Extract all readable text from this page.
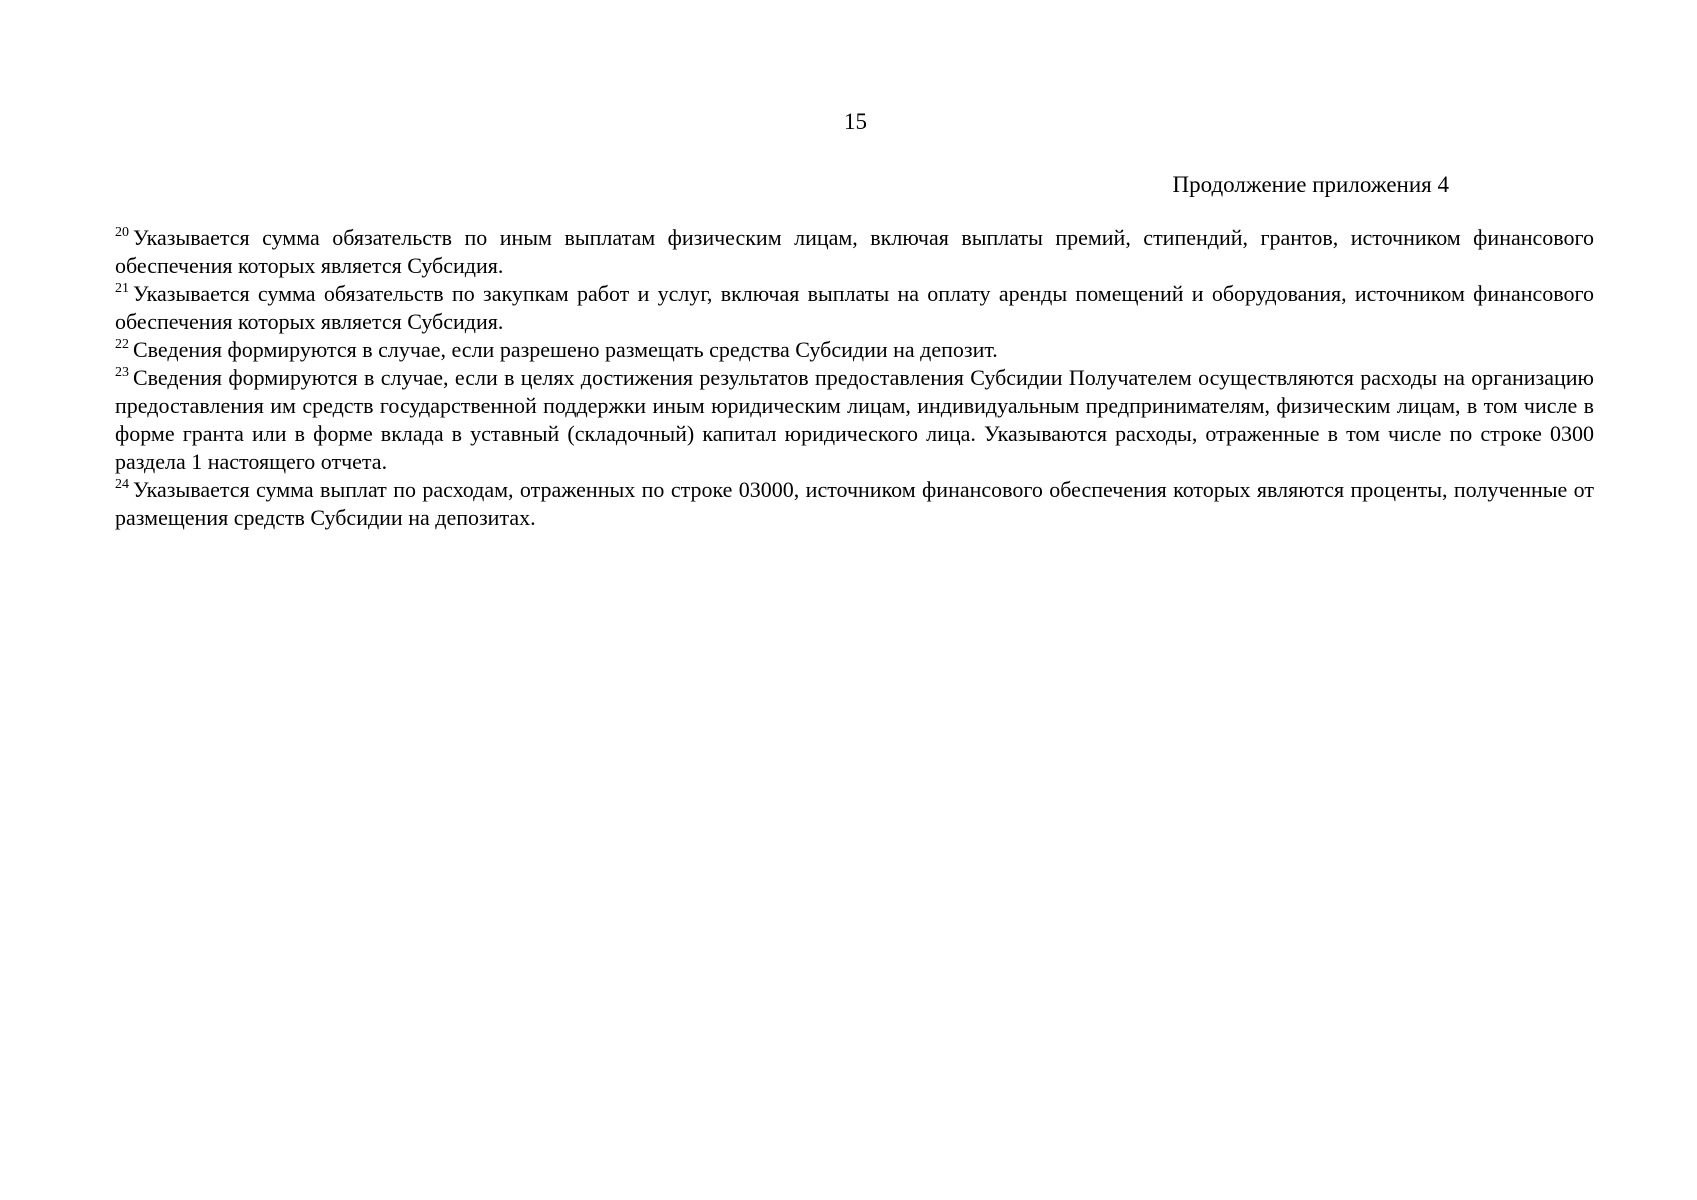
15
Продолжение приложения 4

$^{20}$ Указывается сумма обязательств по иным выплатам физическим лицам, включая выплаты премий, стипендий, грантов, источником финансового обеспечения которых является Субсидия.

$^{21}$ Указывается сумма обязательств по закупкам работ и услуг, включая выплаты на оплату аренды помещений и оборудования, источником финансового обеспечения которых является Субсидия.

$^{22}$ Сведения формируются в случае, если разрешено размещать средства Субсидии на депозит.

$^{23}$ Сведения формируются в случае, если в целях достижения результатов предоставления Субсидии Получателем осуществляются расходы на организацию предоставления им средств государственной поддержки иным юридическим лицам, индивидуальным предпринимателям, физическим лицам, в том числе в форме гранта или в форме вклада в уставный (складочный) капитал юридического лица. Указываются расходы, отраженные в том числе по строке 0300 раздела 1 настоящего отчета.

$^{24}$ Указывается сумма выплат по расходам, отраженных по строке 03000, источником финансового обеспечения которых являются проценты, полученные от размещения средств Субсидии на депозитах.
